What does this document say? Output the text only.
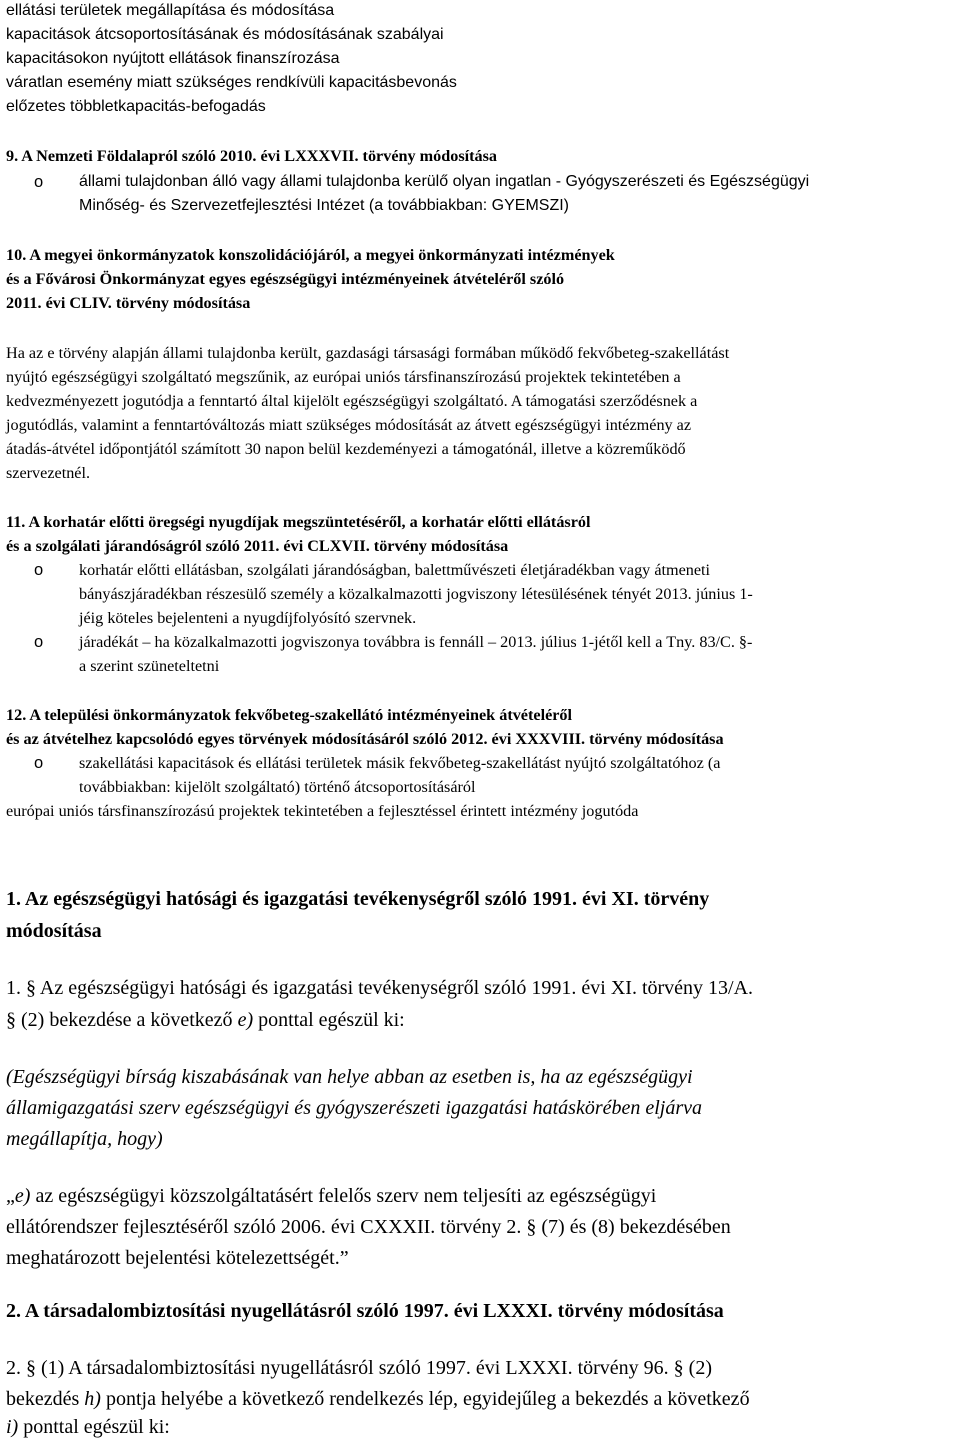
ellátási területek megállapítása és módosítása
kapacitások átcsoportosításának és módosításának szabályai
kapacitásokon nyújtott ellátások finanszírozása
váratlan esemény miatt szükséges rendkívüli kapacitásbevonás
előzetes többletkapacitás-befogadás
9. A Nemzeti Földalapról szóló 2010. évi LXXXVII. törvény módosítása
o állami tulajdonban álló vagy állami tulajdonba kerülő olyan ingatlan - Gyógyszerészeti és Egészségügyi
Minőség- és Szervezetfejlesztési Intézet (a továbbiakban: GYEMSZI)
10. A megyei önkormányzatok konszolidációjáról, a megyei önkormányzati intézmények
és a Fővárosi Önkormányzat egyes egészségügyi intézményeinek átvételéről szóló
2011. évi CLIV. törvény módosítása
Ha az e törvény alapján állami tulajdonba került, gazdasági társasági formában működő fekvőbeteg-szakellátást
nyújtó egészségügyi szolgáltató megszűnik, az európai uniós társfinanszírozású projektek tekintetében a
kedvezményezett jogutódja a fenntartó által kijelölt egészségügyi szolgáltató. A támogatási szerződésnek a
jogutódlás, valamint a fenntartóváltozás miatt szükséges módosítását az átvett egészségügyi intézmény az
átadás-átvétel időpontjától számított 30 napon belül kezdeményezi a támogatónál, illetve a közreműködő
szervezetnél.
11. A korhatár előtti öregségi nyugdíjak megszüntetéséről, a korhatár előtti ellátásról
és a szolgálati járandóságról szóló 2011. évi CLXVII. törvény módosítása
o korhatár előtti ellátásban, szolgálati járandóságban, balettművészeti életjáradékban vagy átmeneti
bányászjáradékban részesülő személy a közalkalmazotti jogviszony létesülésének tényét 2013. június 1-
jéig köteles bejelenteni a nyugdíjfolyósító szervnek.
o járadékát – ha közalkalmazotti jogviszonya továbbra is fennáll – 2013. július 1-jétől kell a Tny. 83/C. §-
a szerint szüneteltetni
12. A települési önkormányzatok fekvőbeteg-szakellátó intézményeinek átvételéről
és az átvételhez kapcsolódó egyes törvények módosításáról szóló 2012. évi XXXVIII. törvény módosítása
o szakellátási kapacitások és ellátási területek másik fekvőbeteg-szakellátást nyújtó szolgáltatóhoz (a
továbbiakban: kijelölt szolgáltató) történő átcsoportosításáról
európai uniós társfinanszírozású projektek tekintetében a fejlesztéssel érintett intézmény jogutóda
1. Az egészségügyi hatósági és igazgatási tevékenységről szóló 1991. évi XI. törvény
módosítása
1. § Az egészségügyi hatósági és igazgatási tevékenységről szóló 1991. évi XI. törvény 13/A.
§ (2) bekezdése a következő e) ponttal egészül ki:
(Egészségügyi bírság kiszabásának van helye abban az esetben is, ha az egészségügyi
államigazgatási szerv egészségügyi és gyógyszerészeti igazgatási hatáskörében eljárva
megállapítja, hogy)
„e) az egészségügyi közszolgáltatásért felelős szerv nem teljesíti az egészségügyi
ellátórendszer fejlesztéséről szóló 2006. évi CXXXII. törvény 2. § (7) és (8) bekezdésében
meghatározott bejelentési kötelezettségét.”
2. A társadalombiztosítási nyugellátásról szóló 1997. évi LXXXI. törvény módosítása
2. § (1) A társadalombiztosítási nyugellátásról szóló 1997. évi LXXXI. törvény 96. § (2)
bekezdés h) pontja helyébe a következő rendelkezés lép, egyidejűleg a bekezdés a következő
i) ponttal egészül ki:
